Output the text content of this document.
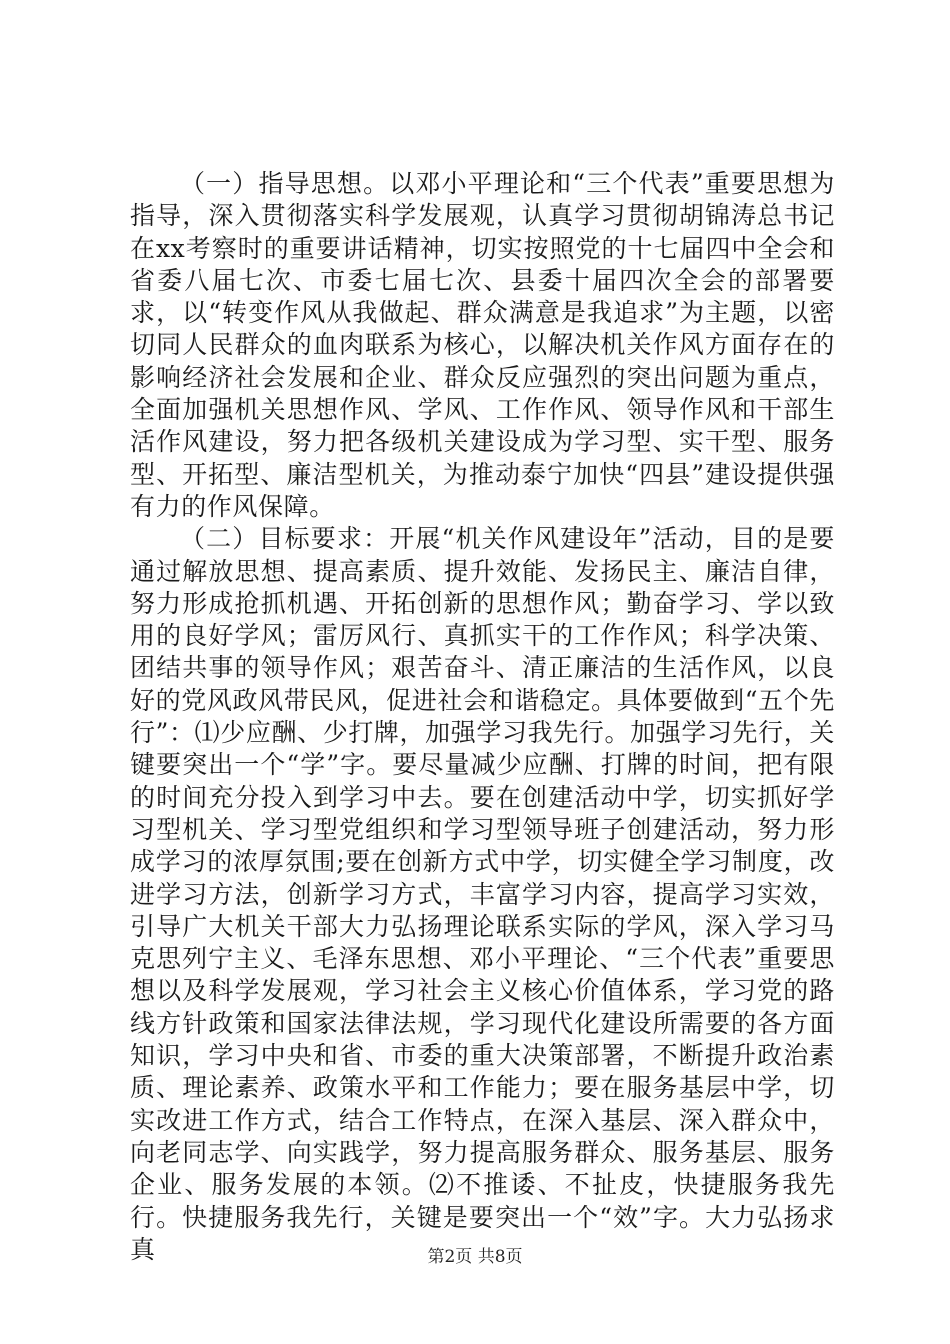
（一）指导思想。以邓小平理论和“三个代表”重要思想为指导，深入贯彻落实科学发展观，认真学习贯彻胡锦涛总书记在xx考察时的重要讲话精神，切实按照党的十七届四中全会和省委八届七次、市委七届七次、县委十届四次全会的部署要求，以“转变作风从我做起、群众满意是我追求”为主题，以密切同人民群众的血肉联系为核心，以解决机关作风方面存在的影响经济社会发展和企业、群众反应强烈的突出问题为重点，全面加强机关思想作风、学风、工作作风、领导作风和干部生活作风建设，努力把各级机关建设成为学习型、实干型、服务型、开拓型、廉洁型机关，为推动泰宁加快“四县”建设提供强有力的作风保障。

（二）目标要求：开展“机关作风建设年”活动，目的是要通过解放思想、提高素质、提升效能、发扬民主、廉洁自律，努力形成抢抓机遇、开拓创新的思想作风；勤奋学习、学以致用的良好学风；雷厉风行、真抓实干的工作作风；科学决策、团结共事的领导作风；艰苦奋斗、清正廉洁的生活作风，以良好的党风政风带民风，促进社会和谐稳定。具体要做到“五个先行”：⑴少应酬、少打牌，加强学习我先行。加强学习先行，关键要突出一个“学”字。要尽量减少应酬、打牌的时间，把有限的时间充分投入到学习中去。要在创建活动中学，切实抓好学习型机关、学习型党组织和学习型领导班子创建活动，努力形成学习的浓厚氛围;要在创新方式中学，切实健全学习制度，改进学习方法，创新学习方式，丰富学习内容，提高学习实效，引导广大机关干部大力弘扬理论联系实际的学风，深入学习马克思列宁主义、毛泽东思想、邓小平理论、“三个代表”重要思想以及科学发展观，学习社会主义核心价值体系，学习党的路线方针政策和国家法律法规，学习现代化建设所需要的各方面知识，学习中央和省、市委的重大决策部署，不断提升政治素质、理论素养、政策水平和工作能力；要在服务基层中学，切实改进工作方式，结合工作特点，在深入基层、深入群众中，向老同志学、向实践学，努力提高服务群众、服务基层、服务企业、服务发展的本领。⑵不推诿、不扯皮，快捷服务我先行。快捷服务我先行，关键是要突出一个“效”字。大力弘扬求真	第2页 共8页
